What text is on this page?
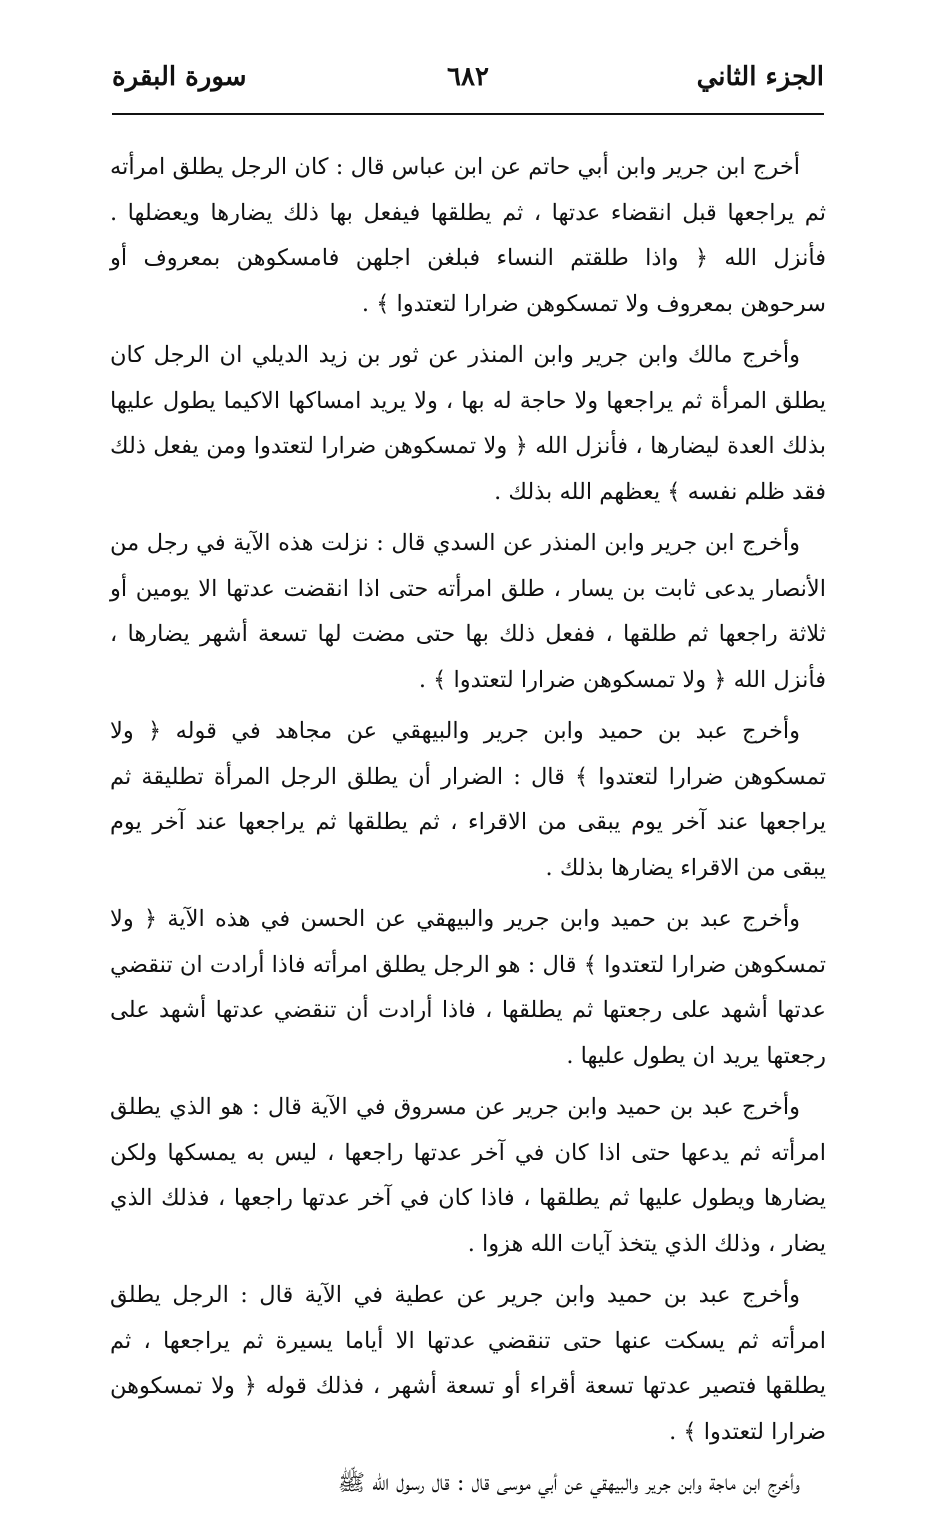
الجزء الثاني
٦٨٢
سورة البقرة

أخرج ابن جرير وابن أبي حاتم عن ابن عباس قال : كان الرجل يطلق امرأته ثم يراجعها قبل انقضاء عدتها ، ثم يطلقها فيفعل بها ذلك يضارها ويعضلها . فأنزل الله ﴿ واذا طلقتم النساء فبلغن اجلهن فامسكوهن بمعروف أو سرحوهن بمعروف ولا تمسكوهن ضرارا لتعتدوا ﴾ .

وأخرج مالك وابن جرير وابن المنذر عن ثور بن زيد الديلي ان الرجل كان يطلق المرأة ثم يراجعها ولا حاجة له بها ، ولا يريد امساكها الاكيما يطول عليها بذلك العدة ليضارها ، فأنزل الله ﴿ ولا تمسكوهن ضرارا لتعتدوا ومن يفعل ذلك فقد ظلم نفسه ﴾ يعظهم الله بذلك .

وأخرج ابن جرير وابن المنذر عن السدي قال : نزلت هذه الآية في رجل من الأنصار يدعى ثابت بن يسار ، طلق امرأته حتى اذا انقضت عدتها الا يومين أو ثلاثة راجعها ثم طلقها ، ففعل ذلك بها حتى مضت لها تسعة أشهر يضارها ، فأنزل الله ﴿ ولا تمسكوهن ضرارا لتعتدوا ﴾ .

وأخرج عبد بن حميد وابن جرير والبيهقي عن مجاهد في قوله ﴿ ولا تمسكوهن ضرارا لتعتدوا ﴾ قال : الضرار أن يطلق الرجل المرأة تطليقة ثم يراجعها عند آخر يوم يبقى من الاقراء ، ثم يطلقها ثم يراجعها عند آخر يوم يبقى من الاقراء يضارها بذلك .

وأخرج عبد بن حميد وابن جرير والبيهقي عن الحسن في هذه الآية ﴿ ولا تمسكوهن ضرارا لتعتدوا ﴾ قال : هو الرجل يطلق امرأته فاذا أرادت ان تنقضي عدتها أشهد على رجعتها ثم يطلقها ، فاذا أرادت أن تنقضي عدتها أشهد على رجعتها يريد ان يطول عليها .

وأخرج عبد بن حميد وابن جرير عن مسروق في الآية قال : هو الذي يطلق امرأته ثم يدعها حتى اذا كان في آخر عدتها راجعها ، ليس به يمسكها ولكن يضارها ويطول عليها ثم يطلقها ، فاذا كان في آخر عدتها راجعها ، فذلك الذي يضار ، وذلك الذي يتخذ آيات الله هزوا .

وأخرج عبد بن حميد وابن جرير عن عطية في الآية قال : الرجل يطلق امرأته ثم يسكت عنها حتى تنقضي عدتها الا أياما يسيرة ثم يراجعها ، ثم يطلقها فتصير عدتها تسعة أقراء أو تسعة أشهر ، فذلك قوله ﴿ ولا تمسكوهن ضرارا لتعتدوا ﴾ .

وأخرج ابن ماجة وابن جرير والبيهقي عن أبي موسى قال : قال رسول الله ﷺ
